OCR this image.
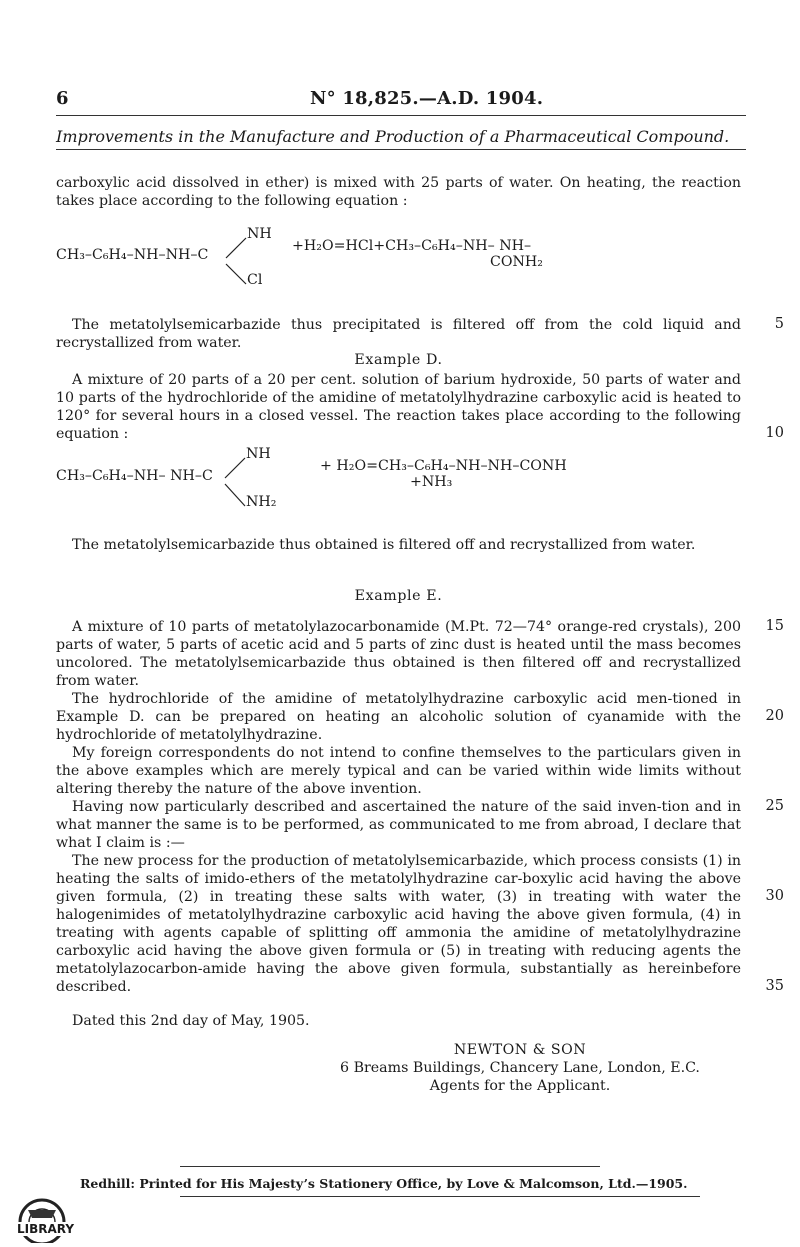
6	N° 18,825.—A.D. 1904.
Improvements in the Manufacture and Production of a Pharmaceutical Compound.
carboxylic acid dissolved in ether) is mixed with 25 parts of water. On heating, the reaction takes place according to the following equation :
CH₃–C₆H₄–NH–NH–C
NH
Cl
+H₂O=HCl+CH₃–C₆H₄–NH– NH–
CONH₂
The metatolylsemicarbazide thus precipitated is filtered off from the cold liquid and recrystallized from water.
Example D.
A mixture of 20 parts of a 20 per cent. solution of barium hydroxide, 50 parts of water and 10 parts of the hydrochloride of the amidine of metatolylhydrazine carboxylic acid is heated to 120° for several hours in a closed vessel. The reaction takes place according to the following equation :
CH₃–C₆H₄–NH– NH–C
NH
NH₂
+ H₂O=CH₃–C₆H₄–NH–NH–CONH
+NH₃
The metatolylsemicarbazide thus obtained is filtered off and recrystallized from water.
Example E.
A mixture of 10 parts of metatolylazocarbonamide (M.Pt. 72—74° orange-red crystals), 200 parts of water, 5 parts of acetic acid and 5 parts of zinc dust is heated until the mass becomes uncolored. The metatolylsemicarbazide thus obtained is then filtered off and recrystallized from water.
The hydrochloride of the amidine of metatolylhydrazine carboxylic acid men-tioned in Example D. can be prepared on heating an alcoholic solution of cyanamide with the hydrochloride of metatolylhydrazine.
My foreign correspondents do not intend to confine themselves to the particulars given in the above examples which are merely typical and can be varied within wide limits without altering thereby the nature of the above invention.
Having now particularly described and ascertained the nature of the said inven-tion and in what manner the same is to be performed, as communicated to me from abroad, I declare that what I claim is :—
The new process for the production of metatolylsemicarbazide, which process consists (1) in heating the salts of imido-ethers of the metatolylhydrazine car-boxylic acid having the above given formula, (2) in treating these salts with water, (3) in treating with water the halogenimides of metatolylhydrazine carboxylic acid having the above given formula, (4) in treating with agents capable of splitting off ammonia the amidine of metatolylhydrazine carboxylic acid having the above given formula or (5) in treating with reducing agents the metatolylazocarbon-amide having the above given formula, substantially as hereinbefore described.
Dated this 2nd day of May, 1905.
NEWTON & SON
6 Breams Buildings, Chancery Lane, London, E.C.
Agents for the Applicant.
5
10
15
20
25
30
35
Redhill: Printed for His Majesty’s Stationery Office, by Love & Malcomson, Ltd.—1905.
LIBRARY
